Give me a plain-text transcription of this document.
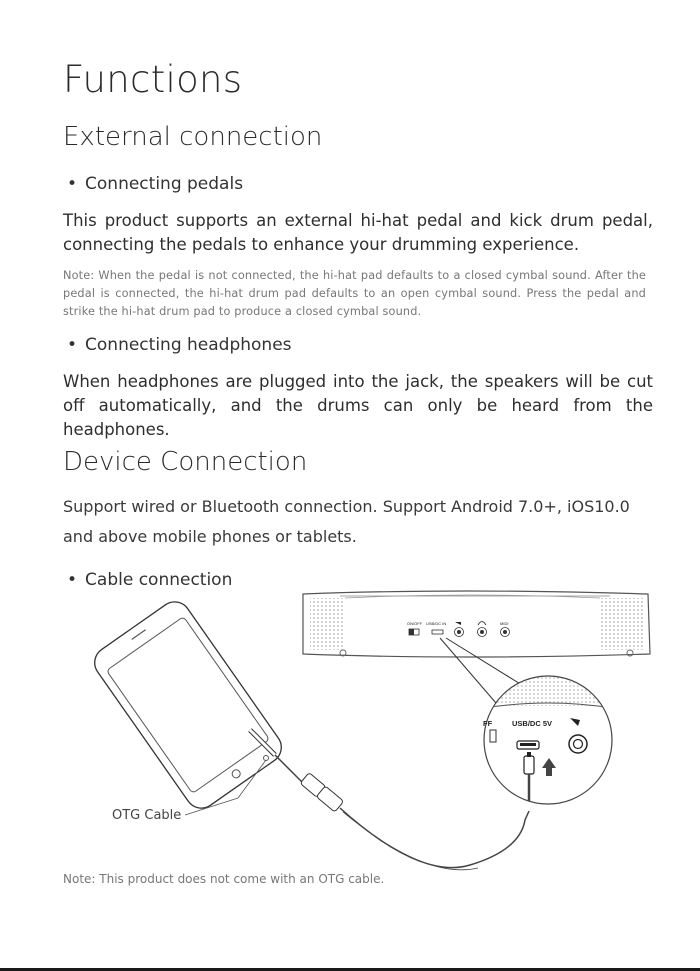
Functions
External connection
• Connecting pedals
This product supports an external hi-hat pedal and kick drum pedal, connecting the pedals to enhance your drumming experience.
Note: When the pedal is not connected, the hi-hat pad defaults to a closed cymbal sound. After the pedal is connected, the hi-hat drum pad defaults to an open cymbal sound. Press the pedal and strike the hi-hat drum pad to produce a closed cymbal sound.
• Connecting headphones
When headphones are plugged into the jack, the speakers will be cut off automatically, and the drums can only be heard from the headphones.
Device Connection
Support wired or Bluetooth connection. Support Android 7.0+, iOS10.0 and above mobile phones or tablets.
• Cable connection
ON/OFF USB/DC IN	MIDI
FF	USB/DC 5V
OTG Cable
Note: This product does not come with an OTG cable.
